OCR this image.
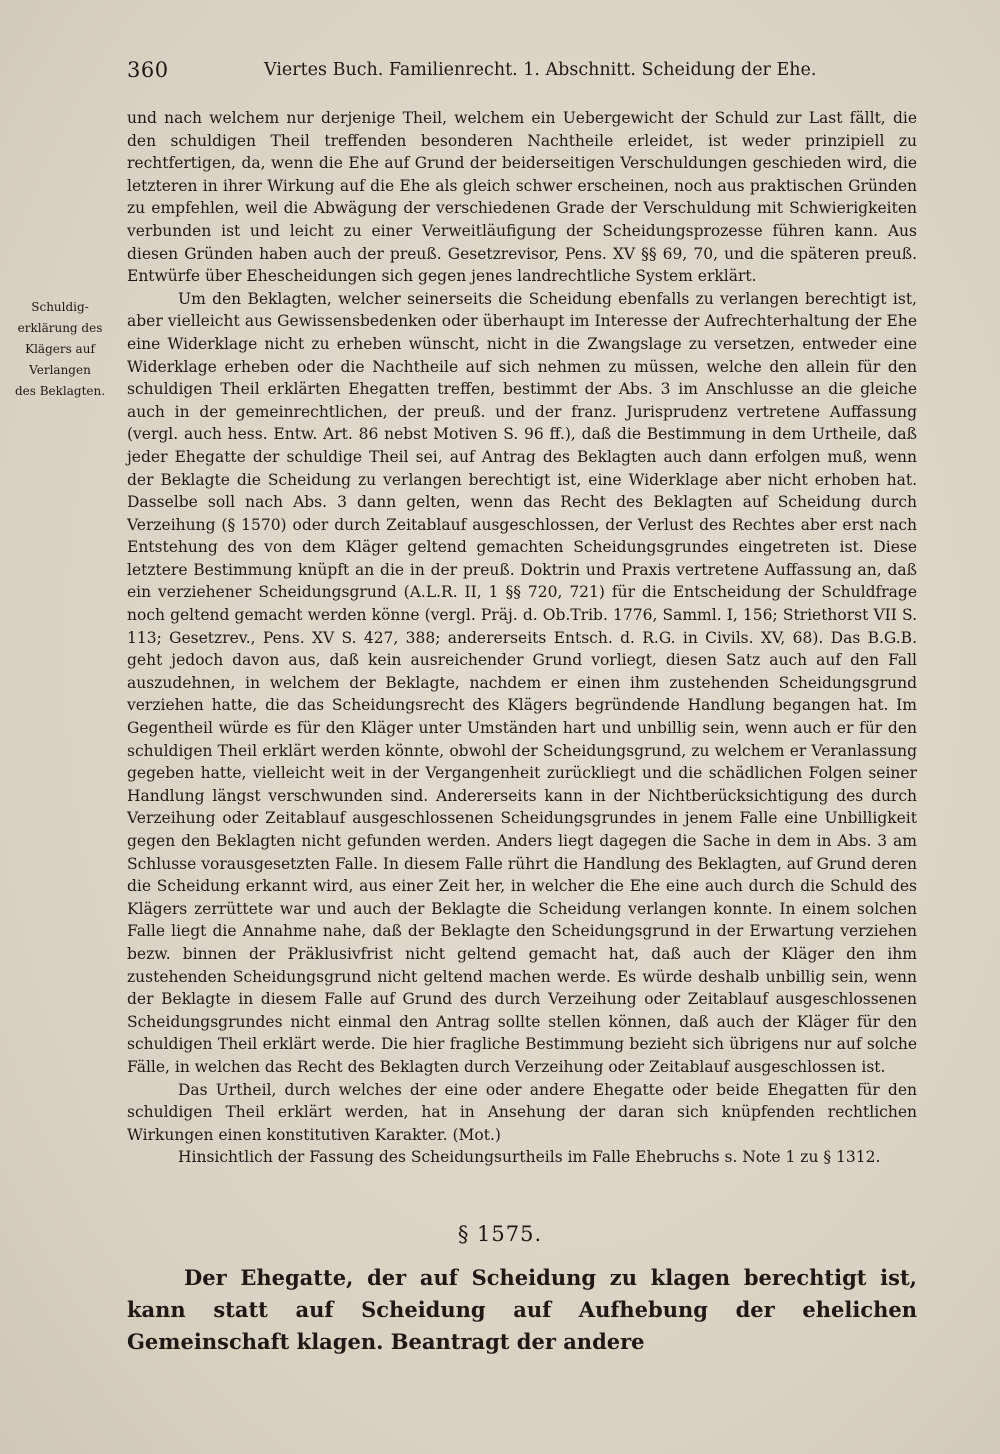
360	Viertes Buch. Familienrecht. 1. Abschnitt. Scheidung der Ehe.
Schuldig-
erklärung des
Klägers auf
Verlangen
des Beklagten.

und nach welchem nur derjenige Theil, welchem ein Uebergewicht der Schuld zur Last fällt, die den schuldigen Theil treffenden besonderen Nachtheile erleidet, ist weder prinzipiell zu rechtfertigen, da, wenn die Ehe auf Grund der beiderseitigen Verschuldungen geschieden wird, die letzteren in ihrer Wirkung auf die Ehe als gleich schwer erscheinen, noch aus praktischen Gründen zu empfehlen, weil die Abwägung der verschiedenen Grade der Verschuldung mit Schwierigkeiten verbunden ist und leicht zu einer Verweitläufigung der Scheidungsprozesse führen kann. Aus diesen Gründen haben auch der preuß. Gesetzrevisor, Pens. XV §§ 69, 70, und die späteren preuß. Entwürfe über Ehescheidungen sich gegen jenes landrechtliche System erklärt.

Um den Beklagten, welcher seinerseits die Scheidung ebenfalls zu verlangen berechtigt ist, aber vielleicht aus Gewissensbedenken oder überhaupt im Interesse der Aufrechterhaltung der Ehe eine Widerklage nicht zu erheben wünscht, nicht in die Zwangslage zu versetzen, entweder eine Widerklage erheben oder die Nachtheile auf sich nehmen zu müssen, welche den allein für den schuldigen Theil erklärten Ehegatten treffen, bestimmt der Abs. 3 im Anschlusse an die gleiche auch in der gemeinrechtlichen, der preuß. und der franz. Jurisprudenz vertretene Auffassung (vergl. auch hess. Entw. Art. 86 nebst Motiven S. 96 ff.), daß die Bestimmung in dem Urtheile, daß jeder Ehegatte der schuldige Theil sei, auf Antrag des Beklagten auch dann erfolgen muß, wenn der Beklagte die Scheidung zu verlangen berechtigt ist, eine Widerklage aber nicht erhoben hat. Dasselbe soll nach Abs. 3 dann gelten, wenn das Recht des Beklagten auf Scheidung durch Verzeihung (§ 1570) oder durch Zeitablauf ausgeschlossen, der Verlust des Rechtes aber erst nach Entstehung des von dem Kläger geltend gemachten Scheidungsgrundes eingetreten ist. Diese letztere Bestimmung knüpft an die in der preuß. Doktrin und Praxis vertretene Auffassung an, daß ein verziehener Scheidungsgrund (A.L.R. II, 1 §§ 720, 721) für die Entscheidung der Schuldfrage noch geltend gemacht werden könne (vergl. Präj. d. Ob.Trib. 1776, Samml. I, 156; Striethorst VII S. 113; Gesetzrev., Pens. XV S. 427, 388; andererseits Entsch. d. R.G. in Civils. XV, 68). Das B.G.B. geht jedoch davon aus, daß kein ausreichender Grund vorliegt, diesen Satz auch auf den Fall auszudehnen, in welchem der Beklagte, nachdem er einen ihm zustehenden Scheidungsgrund verziehen hatte, die das Scheidungsrecht des Klägers begründende Handlung begangen hat. Im Gegentheil würde es für den Kläger unter Umständen hart und unbillig sein, wenn auch er für den schuldigen Theil erklärt werden könnte, obwohl der Scheidungsgrund, zu welchem er Veranlassung gegeben hatte, vielleicht weit in der Vergangenheit zurückliegt und die schädlichen Folgen seiner Handlung längst verschwunden sind. Andererseits kann in der Nichtberücksichtigung des durch Verzeihung oder Zeitablauf ausgeschlossenen Scheidungsgrundes in jenem Falle eine Unbilligkeit gegen den Beklagten nicht gefunden werden. Anders liegt dagegen die Sache in dem in Abs. 3 am Schlusse vorausgesetzten Falle. In diesem Falle rührt die Handlung des Beklagten, auf Grund deren die Scheidung erkannt wird, aus einer Zeit her, in welcher die Ehe eine auch durch die Schuld des Klägers zerrüttete war und auch der Beklagte die Scheidung verlangen konnte. In einem solchen Falle liegt die Annahme nahe, daß der Beklagte den Scheidungsgrund in der Erwartung verziehen bezw. binnen der Präklusivfrist nicht geltend gemacht hat, daß auch der Kläger den ihm zustehenden Scheidungsgrund nicht geltend machen werde. Es würde deshalb unbillig sein, wenn der Beklagte in diesem Falle auf Grund des durch Verzeihung oder Zeitablauf ausgeschlossenen Scheidungsgrundes nicht einmal den Antrag sollte stellen können, daß auch der Kläger für den schuldigen Theil erklärt werde. Die hier fragliche Bestimmung bezieht sich übrigens nur auf solche Fälle, in welchen das Recht des Beklagten durch Verzeihung oder Zeitablauf ausgeschlossen ist.

Das Urtheil, durch welches der eine oder andere Ehegatte oder beide Ehegatten für den schuldigen Theil erklärt werden, hat in Ansehung der daran sich knüpfenden rechtlichen Wirkungen einen konstitutiven Karakter. (Mot.)

Hinsichtlich der Fassung des Scheidungsurtheils im Falle Ehebruchs s. Note 1 zu § 1312.

§ 1575.
Der Ehegatte, der auf Scheidung zu klagen berechtigt ist, kann statt auf Scheidung auf Aufhebung der ehelichen Gemeinschaft klagen. Beantragt der andere
